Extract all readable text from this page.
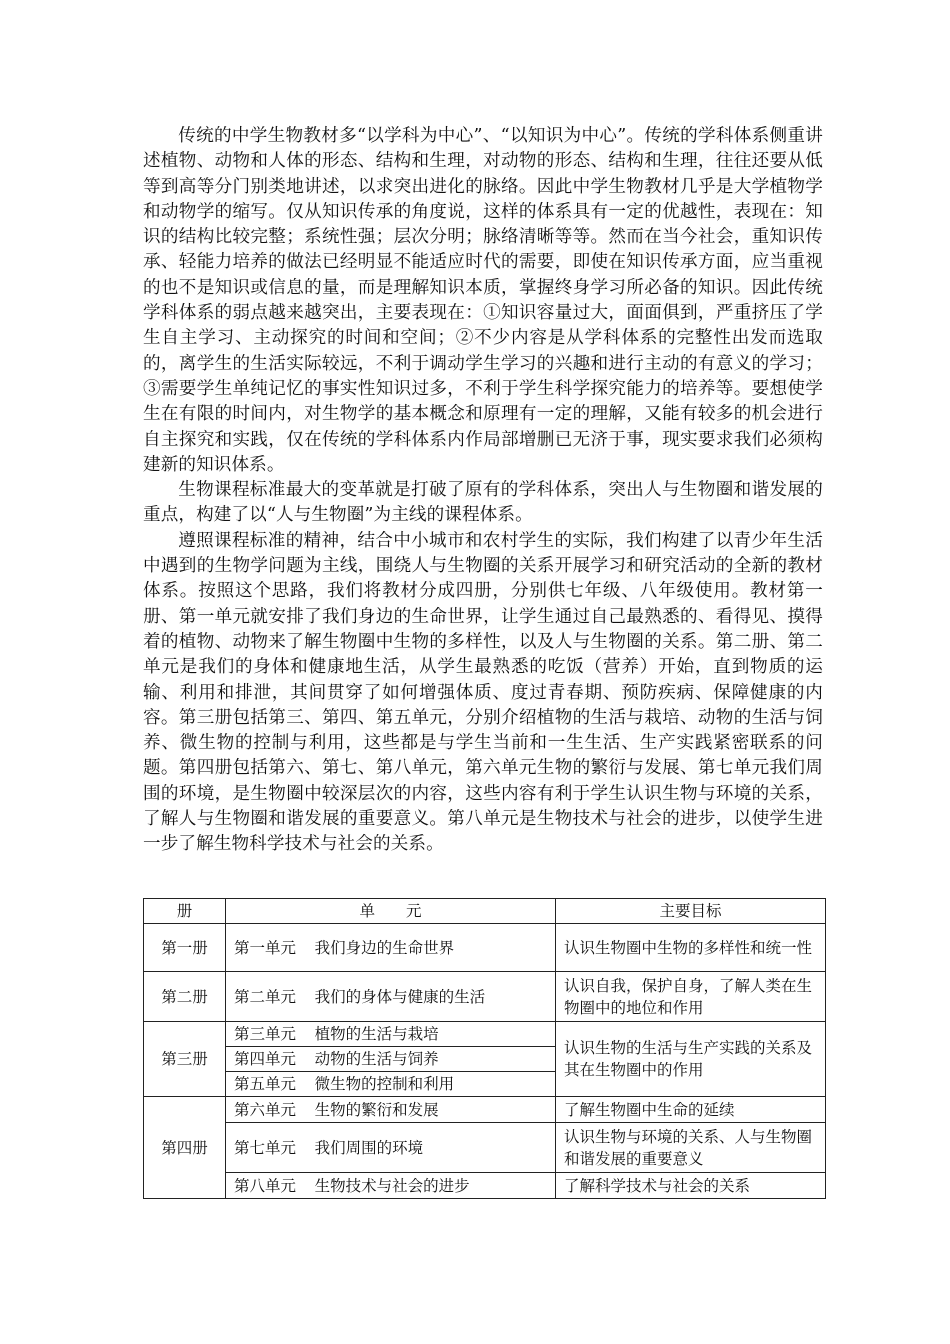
传统的中学生物教材多“以学科为中心”、“以知识为中心”。传统的学科体系侧重讲述植物、动物和人体的形态、结构和生理，对动物的形态、结构和生理，往往还要从低等到高等分门别类地讲述，以求突出进化的脉络。因此中学生物教材几乎是大学植物学和动物学的缩写。仅从知识传承的角度说，这样的体系具有一定的优越性，表现在：知识的结构比较完整；系统性强；层次分明；脉络清晰等等。然而在当今社会，重知识传承、轻能力培养的做法已经明显不能适应时代的需要，即使在知识传承方面，应当重视的也不是知识或信息的量，而是理解知识本质，掌握终身学习所必备的知识。因此传统学科体系的弱点越来越突出，主要表现在：①知识容量过大，面面俱到，严重挤压了学生自主学习、主动探究的时间和空间；②不少内容是从学科体系的完整性出发而选取的，离学生的生活实际较远，不利于调动学生学习的兴趣和进行主动的有意义的学习；③需要学生单纯记忆的事实性知识过多，不利于学生科学探究能力的培养等。要想使学生在有限的时间内，对生物学的基本概念和原理有一定的理解，又能有较多的机会进行自主探究和实践，仅在传统的学科体系内作局部增删已无济于事，现实要求我们必须构建新的知识体系。

生物课程标准最大的变革就是打破了原有的学科体系，突出人与生物圈和谐发展的重点，构建了以“人与生物圈”为主线的课程体系。

遵照课程标准的精神，结合中小城市和农村学生的实际，我们构建了以青少年生活中遇到的生物学问题为主线，围绕人与生物圈的关系开展学习和研究活动的全新的教材体系。按照这个思路，我们将教材分成四册，分别供七年级、八年级使用。教材第一册、第一单元就安排了我们身边的生命世界，让学生通过自己最熟悉的、看得见、摸得着的植物、动物来了解生物圈中生物的多样性，以及人与生物圈的关系。第二册、第二单元是我们的身体和健康地生活，从学生最熟悉的吃饭（营养）开始，直到物质的运输、利用和排泄，其间贯穿了如何增强体质、度过青春期、预防疾病、保障健康的内容。第三册包括第三、第四、第五单元，分别介绍植物的生活与栽培、动物的生活与饲养、微生物的控制与利用，这些都是与学生当前和一生生活、生产实践紧密联系的问题。第四册包括第六、第七、第八单元，第六单元生物的繁衍与发展、第七单元我们周围的环境，是生物圈中较深层次的内容，这些内容有利于学生认识生物与环境的关系，了解人与生物圈和谐发展的重要意义。第八单元是生物技术与社会的进步，以使学生进一步了解生物科学技术与社会的关系。

册	单　　元	主要目标
第一册	第一单元 我们身边的生命世界	认识生物圈中生物的多样性和统一性
第二册	第二单元 我们的身体与健康的生活	认识自我，保护自身，了解人类在生物圈中的地位和作用
第三册	第三单元 植物的生活与栽培	认识生物的生活与生产实践的关系及其在生物圈中的作用
	第四单元 动物的生活与饲养	
	第五单元 微生物的控制和利用	
第四册	第六单元 生物的繁衍和发展	了解生物圈中生命的延续
	第七单元 我们周围的环境	认识生物与环境的关系、人与生物圈和谐发展的重要意义
	第八单元 生物技术与社会的进步	了解科学技术与社会的关系
